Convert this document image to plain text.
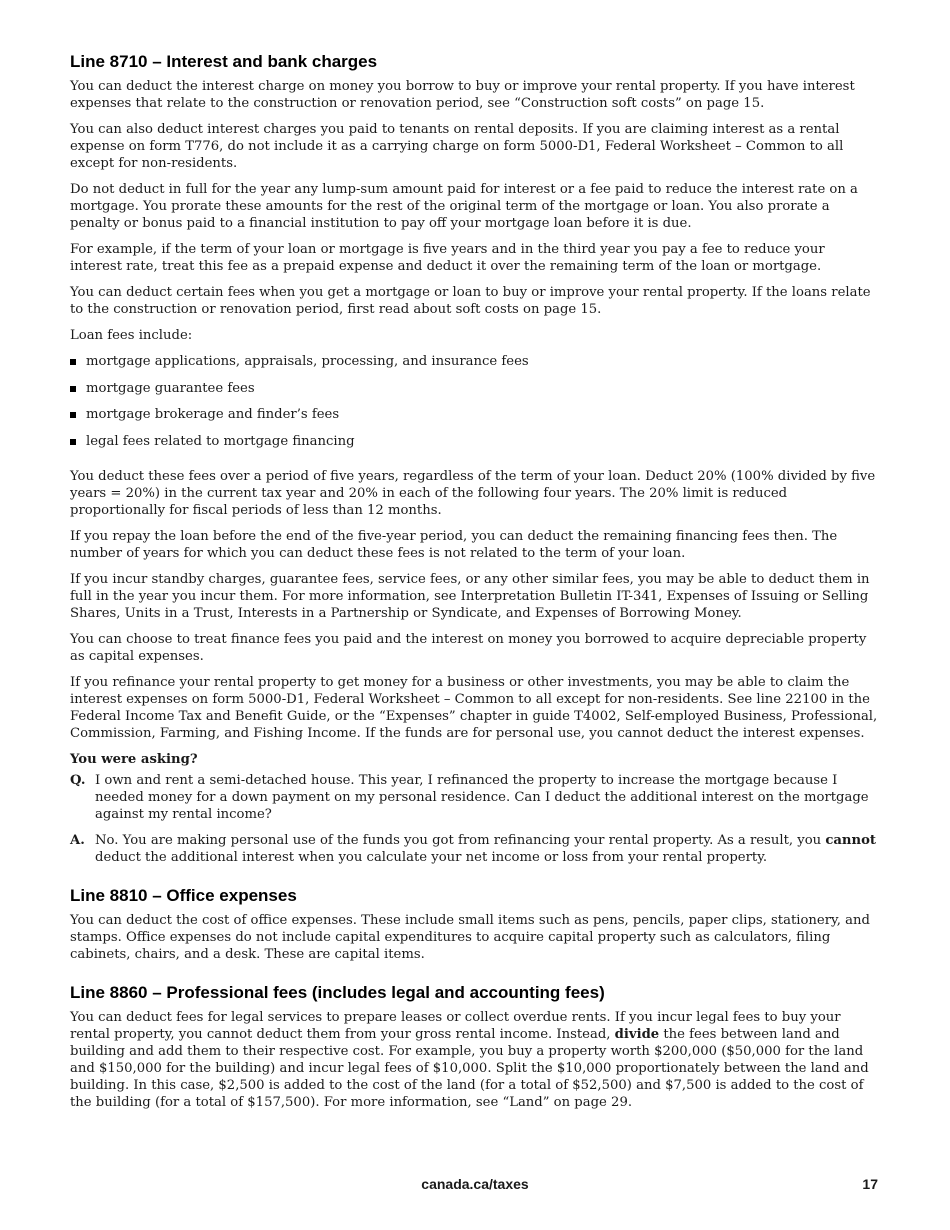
Line 8710 – Interest and bank charges

You can deduct the interest charge on money you borrow to buy or improve your rental property. If you have interest expenses that relate to the construction or renovation period, see “Construction soft costs” on page 15.

You can also deduct interest charges you paid to tenants on rental deposits. If you are claiming interest as a rental expense on form T776, do not include it as a carrying charge on form 5000-D1, Federal Worksheet – Common to all except for non-residents.

Do not deduct in full for the year any lump-sum amount paid for interest or a fee paid to reduce the interest rate on a mortgage. You prorate these amounts for the rest of the original term of the mortgage or loan. You also prorate a penalty or bonus paid to a financial institution to pay off your mortgage loan before it is due.

For example, if the term of your loan or mortgage is five years and in the third year you pay a fee to reduce your interest rate, treat this fee as a prepaid expense and deduct it over the remaining term of the loan or mortgage.

You can deduct certain fees when you get a mortgage or loan to buy or improve your rental property. If the loans relate to the construction or renovation period, first read about soft costs on page 15.

Loan fees include:

mortgage applications, appraisals, processing, and insurance fees
mortgage guarantee fees
mortgage brokerage and finder’s fees
legal fees related to mortgage financing

You deduct these fees over a period of five years, regardless of the term of your loan. Deduct 20% (100% divided by five years = 20%) in the current tax year and 20% in each of the following four years. The 20% limit is reduced proportionally for fiscal periods of less than 12 months.

If you repay the loan before the end of the five-year period, you can deduct the remaining financing fees then. The number of years for which you can deduct these fees is not related to the term of your loan.

If you incur standby charges, guarantee fees, service fees, or any other similar fees, you may be able to deduct them in full in the year you incur them. For more information, see Interpretation Bulletin IT-341, Expenses of Issuing or Selling Shares, Units in a Trust, Interests in a Partnership or Syndicate, and Expenses of Borrowing Money.

You can choose to treat finance fees you paid and the interest on money you borrowed to acquire depreciable property as capital expenses.

If you refinance your rental property to get money for a business or other investments, you may be able to claim the interest expenses on form 5000-D1, Federal Worksheet – Common to all except for non-residents. See line 22100 in the Federal Income Tax and Benefit Guide, or the “Expenses” chapter in guide T4002, Self-employed Business, Professional, Commission, Farming, and Fishing Income. If the funds are for personal use, you cannot deduct the interest expenses.

You were asking?
Q. I own and rent a semi-detached house. This year, I refinanced the property to increase the mortgage because I needed money for a down payment on my personal residence. Can I deduct the additional interest on the mortgage against my rental income?
A. No. You are making personal use of the funds you got from refinancing your rental property. As a result, you cannot deduct the additional interest when you calculate your net income or loss from your rental property.
Line 8810 – Office expenses

You can deduct the cost of office expenses. These include small items such as pens, pencils, paper clips, stationery, and stamps. Office expenses do not include capital expenditures to acquire capital property such as calculators, filing cabinets, chairs, and a desk. These are capital items.

Line 8860 – Professional fees (includes legal and accounting fees)

You can deduct fees for legal services to prepare leases or collect overdue rents. If you incur legal fees to buy your rental property, you cannot deduct them from your gross rental income. Instead, divide the fees between land and building and add them to their respective cost. For example, you buy a property worth $200,000 ($50,000 for the land and $150,000 for the building) and incur legal fees of $10,000. Split the $10,000 proportionately between the land and building. In this case, $2,500 is added to the cost of the land (for a total of $52,500) and $7,500 is added to the cost of the building (for a total of $157,500). For more information, see “Land” on page 29.

canada.ca/taxes	17
